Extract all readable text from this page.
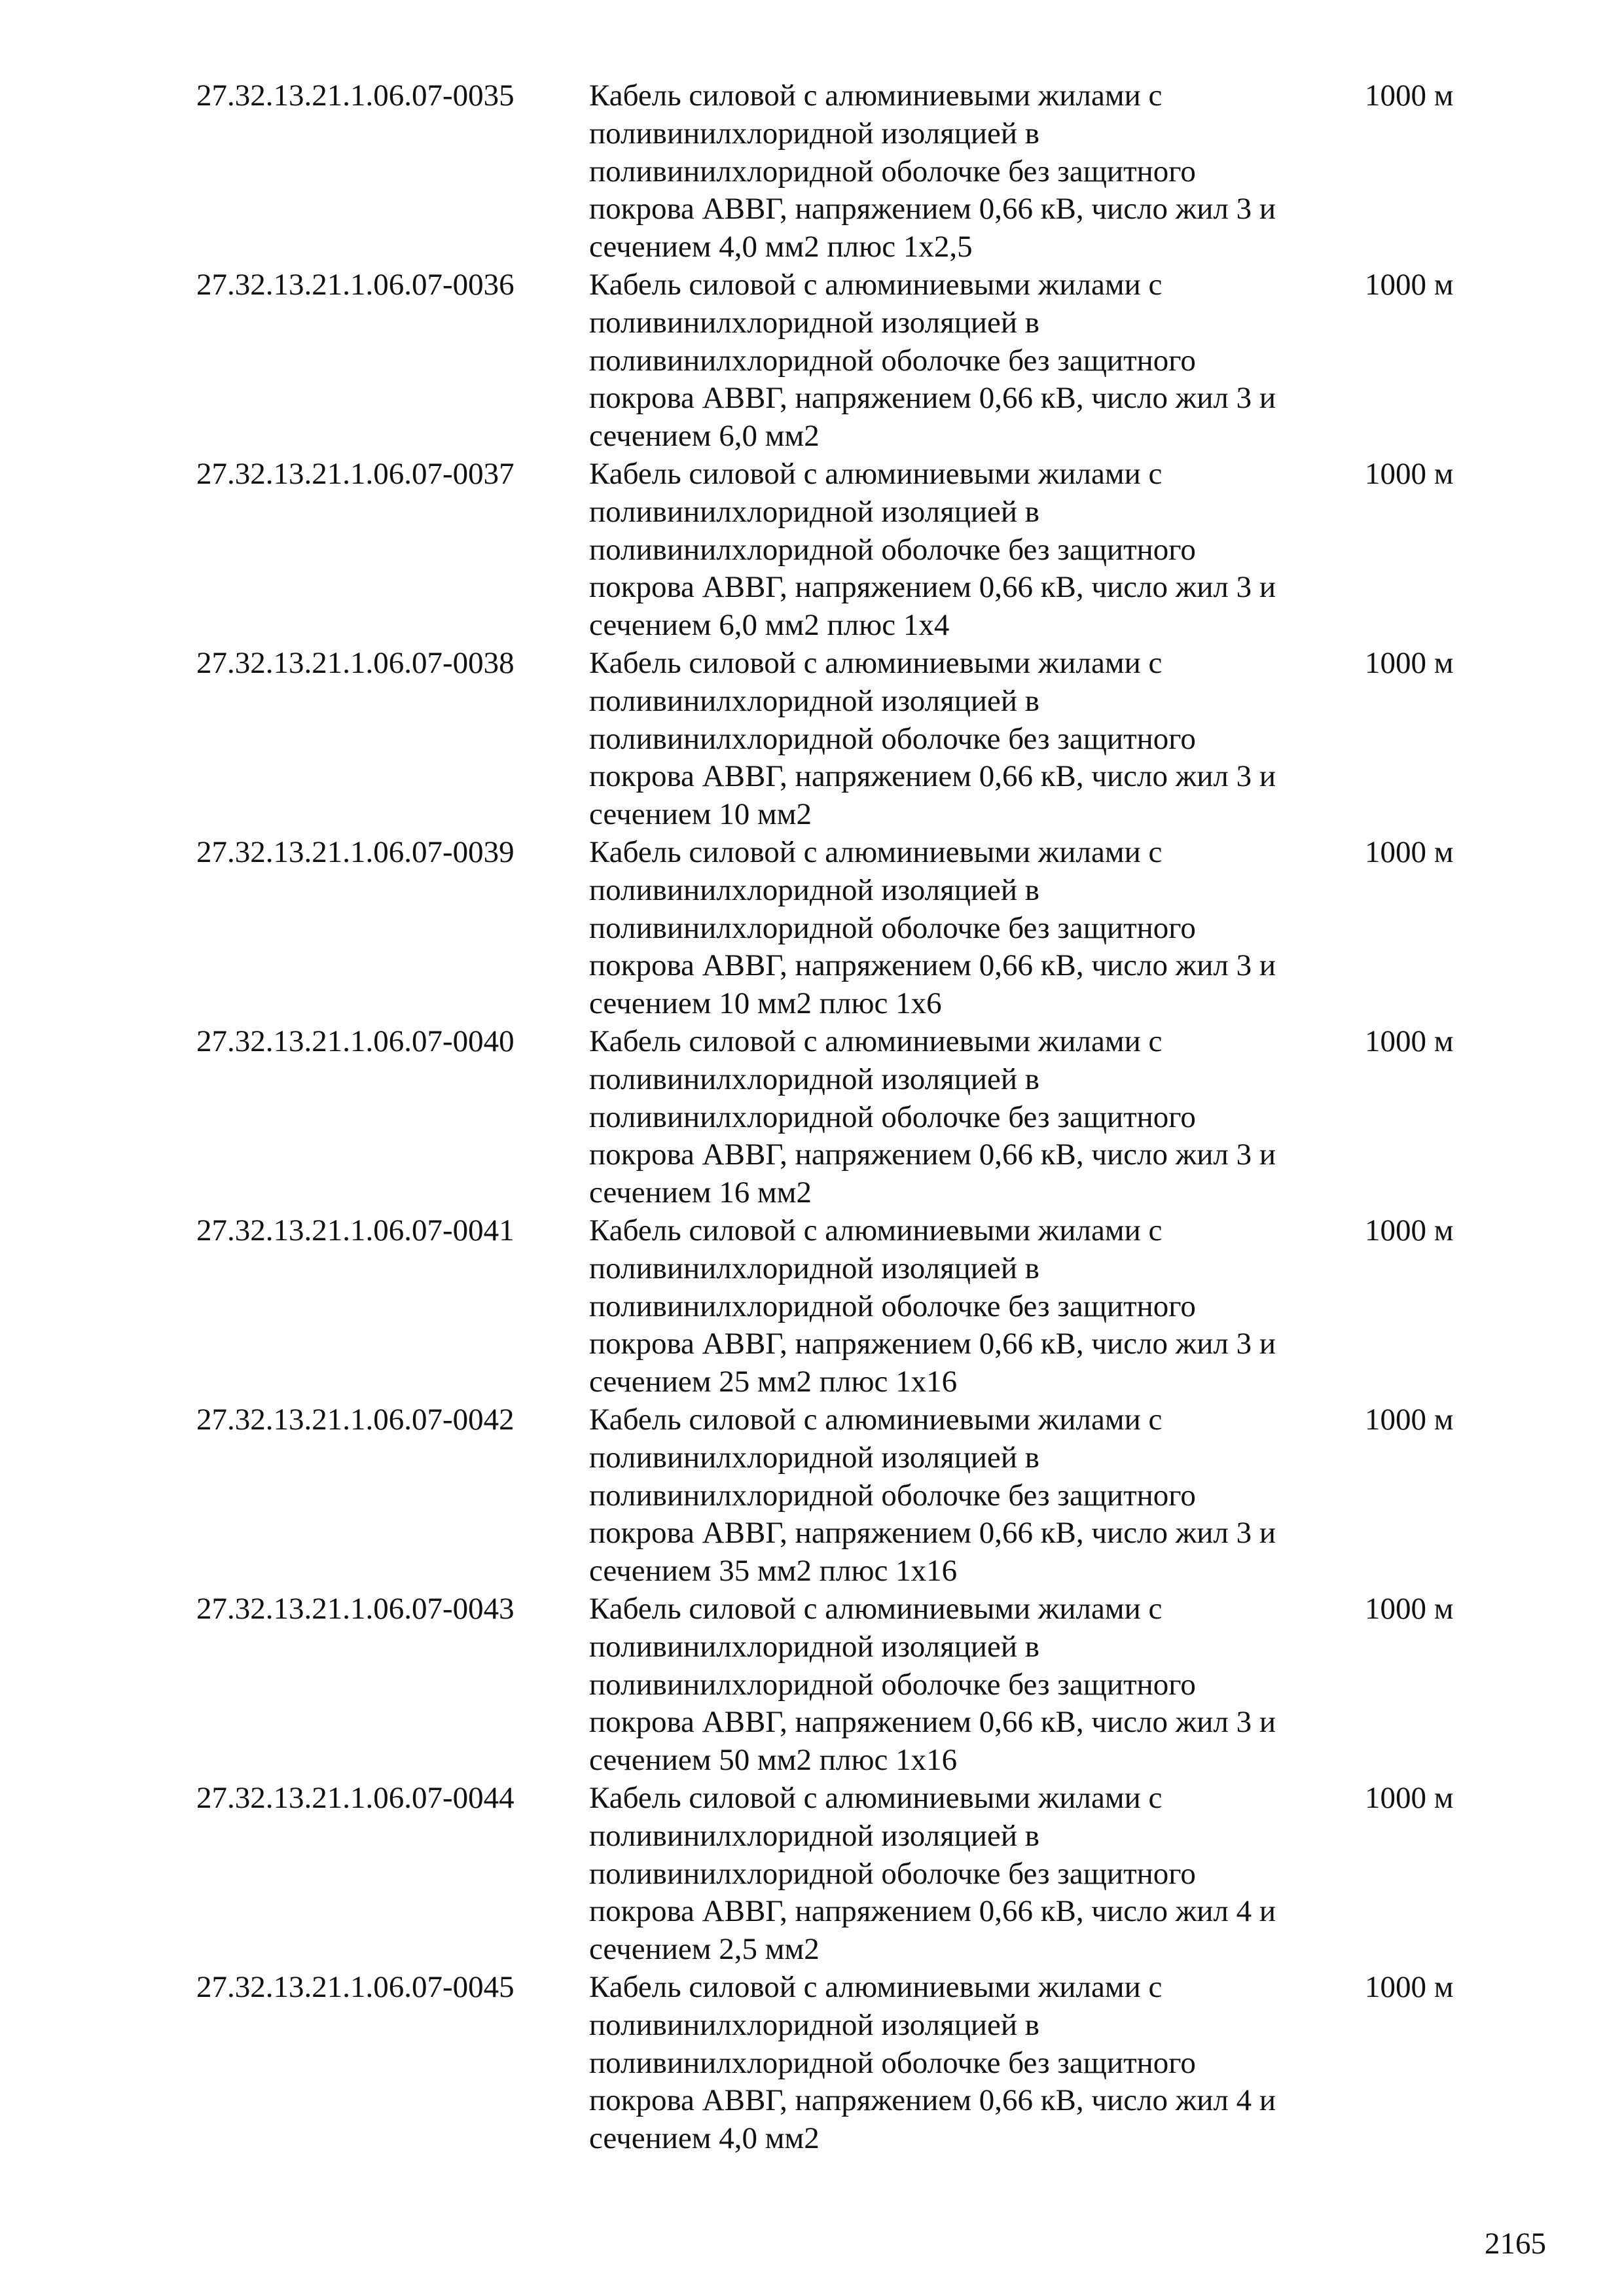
27.32.13.21.1.06.07-0035 Кабель силовой с алюминиевыми жилами с
поливинилхлоридной изоляцией в
поливинилхлоридной оболочке без защитного
покрова АВВГ, напряжением 0,66 кВ, число жил 3 и
сечением 4,0 мм2 плюс 1х2,5
1000 м
27.32.13.21.1.06.07-0036 Кабель силовой с алюминиевыми жилами с
поливинилхлоридной изоляцией в
поливинилхлоридной оболочке без защитного
покрова АВВГ, напряжением 0,66 кВ, число жил 3 и
сечением 6,0 мм2
1000 м
27.32.13.21.1.06.07-0037 Кабель силовой с алюминиевыми жилами с
поливинилхлоридной изоляцией в
поливинилхлоридной оболочке без защитного
покрова АВВГ, напряжением 0,66 кВ, число жил 3 и
сечением 6,0 мм2 плюс 1х4
1000 м
27.32.13.21.1.06.07-0038 Кабель силовой с алюминиевыми жилами с
поливинилхлоридной изоляцией в
поливинилхлоридной оболочке без защитного
покрова АВВГ, напряжением 0,66 кВ, число жил 3 и
сечением 10 мм2
1000 м
27.32.13.21.1.06.07-0039 Кабель силовой с алюминиевыми жилами с
поливинилхлоридной изоляцией в
поливинилхлоридной оболочке без защитного
покрова АВВГ, напряжением 0,66 кВ, число жил 3 и
сечением 10 мм2 плюс 1х6
1000 м
27.32.13.21.1.06.07-0040 Кабель силовой с алюминиевыми жилами с
поливинилхлоридной изоляцией в
поливинилхлоридной оболочке без защитного
покрова АВВГ, напряжением 0,66 кВ, число жил 3 и
сечением 16 мм2
1000 м
27.32.13.21.1.06.07-0041 Кабель силовой с алюминиевыми жилами с
поливинилхлоридной изоляцией в
поливинилхлоридной оболочке без защитного
покрова АВВГ, напряжением 0,66 кВ, число жил 3 и
сечением 25 мм2 плюс 1х16
1000 м
27.32.13.21.1.06.07-0042 Кабель силовой с алюминиевыми жилами с
поливинилхлоридной изоляцией в
поливинилхлоридной оболочке без защитного
покрова АВВГ, напряжением 0,66 кВ, число жил 3 и
сечением 35 мм2 плюс 1х16
1000 м
27.32.13.21.1.06.07-0043 Кабель силовой с алюминиевыми жилами с
поливинилхлоридной изоляцией в
поливинилхлоридной оболочке без защитного
покрова АВВГ, напряжением 0,66 кВ, число жил 3 и
сечением 50 мм2 плюс 1х16
1000 м
27.32.13.21.1.06.07-0044 Кабель силовой с алюминиевыми жилами с
поливинилхлоридной изоляцией в
поливинилхлоридной оболочке без защитного
покрова АВВГ, напряжением 0,66 кВ, число жил 4 и
сечением 2,5 мм2
1000 м
27.32.13.21.1.06.07-0045 Кабель силовой с алюминиевыми жилами с
поливинилхлоридной изоляцией в
поливинилхлоридной оболочке без защитного
покрова АВВГ, напряжением 0,66 кВ, число жил 4 и
сечением 4,0 мм2
1000 м
2165
